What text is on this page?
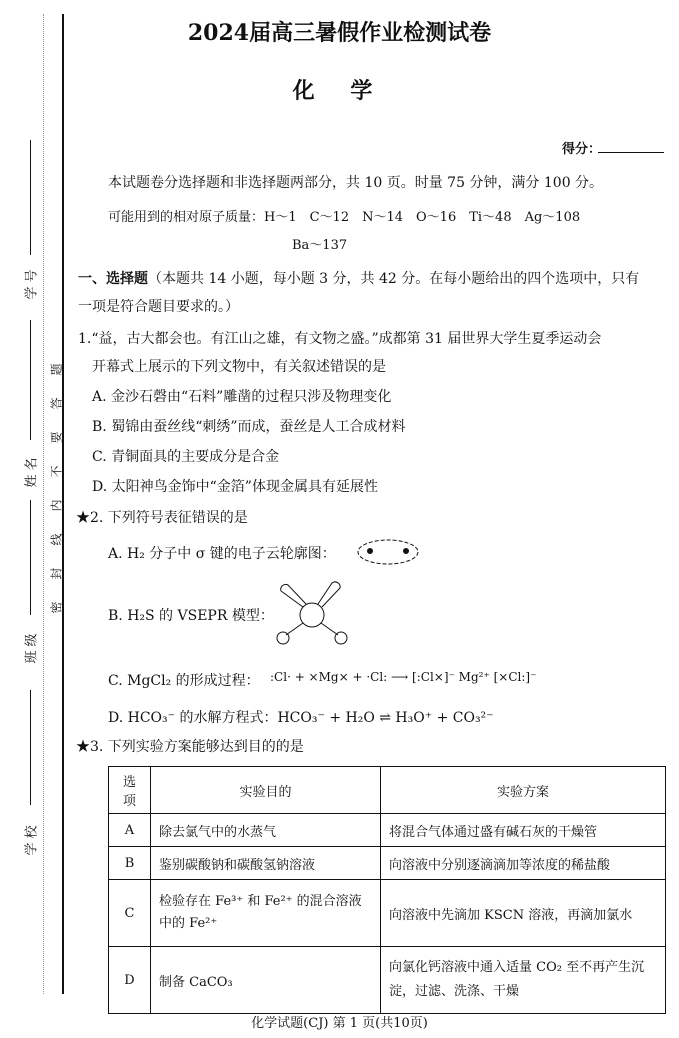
学号
姓名
班级
学校
密封线内不要答题
2024届高三暑假作业检测试卷
化 学
得分：
本试题卷分选择题和非选择题两部分，共 10 页。时量 75 分钟，满分 100 分。
可能用到的相对原子质量：H～1　C～12　N～14　O～16　Ti～48　Ag～108
Ba～137
一、选择题（本题共 14 小题，每小题 3 分，共 42 分。在每小题给出的四个选项中，只有
一项是符合题目要求的。）
1.“益，古大都会也。有江山之雄，有文物之盛。”成都第 31 届世界大学生夏季运动会
开幕式上展示的下列文物中，有关叙述错误的是
A. 金沙石磬由“石料”雕凿的过程只涉及物理变化
B. 蜀锦由蚕丝线“刺绣”而成，蚕丝是人工合成材料
C. 青铜面具的主要成分是合金
D. 太阳神鸟金饰中“金箔”体现金属具有延展性
★2. 下列符号表征错误的是
A. H₂ 分子中 σ 键的电子云轮廓图：
B. H₂S 的 VSEPR 模型：
C. MgCl₂ 的形成过程： :Cl· + ×Mg× + ·Cl: ⟶ [:Cl×]⁻ Mg²⁺ [×Cl:]⁻
D. HCO₃⁻ 的水解方程式：HCO₃⁻ + H₂O ⇌ H₃O⁺ + CO₃²⁻
★3. 下列实验方案能够达到目的的是
选项	实验目的	实验方案
A	除去氯气中的水蒸气	将混合气体通过盛有碱石灰的干燥管
B	鉴别碳酸钠和碳酸氢钠溶液	向溶液中分别逐滴滴加等浓度的稀盐酸
C	检验存在 Fe³⁺ 和 Fe²⁺ 的混合溶液中的 Fe²⁺	向溶液中先滴加 KSCN 溶液，再滴加氯水
D	制备 CaCO₃	向氯化钙溶液中通入适量 CO₂ 至不再产生沉淀，过滤、洗涤、干燥
化学试题(CJ) 第 1 页(共10页)
